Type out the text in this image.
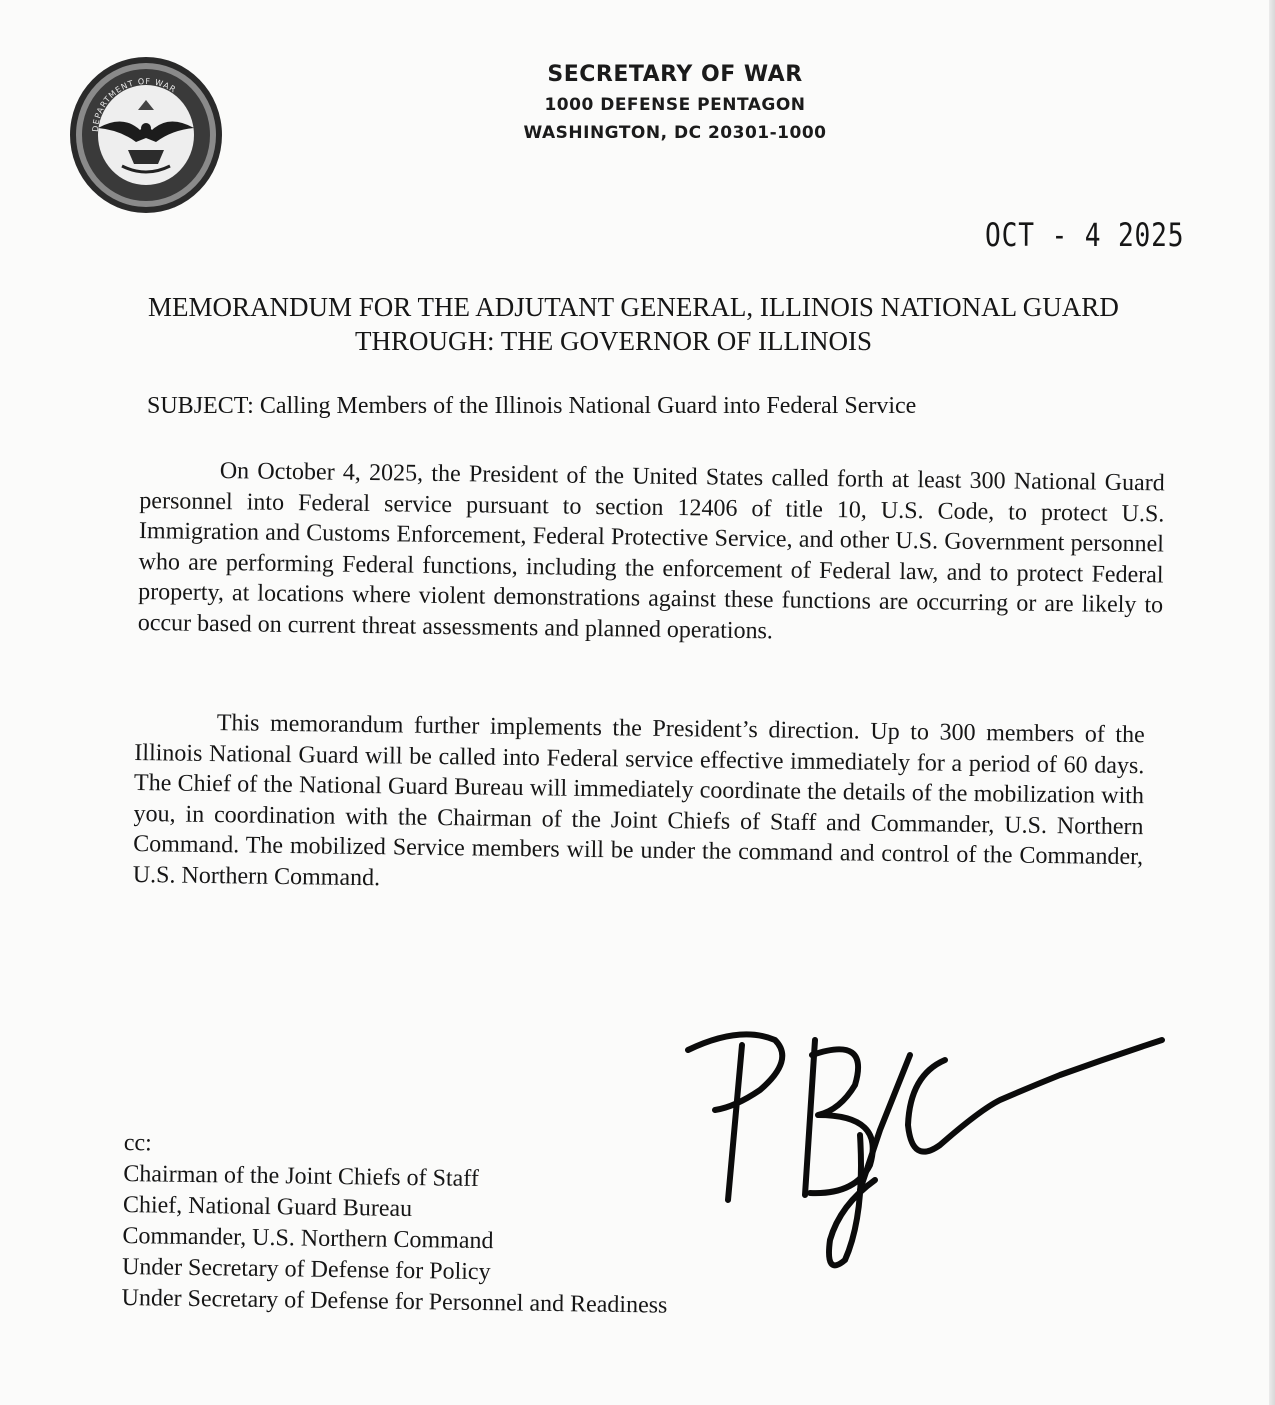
DEPARTMENT OF WAR
SECRETARY OF WAR
1000 DEFENSE PENTAGON
WASHINGTON, DC 20301-1000
OCT - 4 2025
MEMORANDUM FOR THE ADJUTANT GENERAL, ILLINOIS NATIONAL GUARD
THROUGH: THE GOVERNOR OF ILLINOIS
SUBJECT: Calling Members of the Illinois National Guard into Federal Service

On October 4, 2025, the President of the United States called forth at least 300 National Guard personnel into Federal service pursuant to section 12406 of title 10, U.S. Code, to protect U.S. Immigration and Customs Enforcement, Federal Protective Service, and other U.S. Government personnel who are performing Federal functions, including the enforcement of Federal law, and to protect Federal property, at locations where violent demonstrations against these functions are occurring or are likely to occur based on current threat assessments and planned operations.

This memorandum further implements the President’s direction. Up to 300 members of the Illinois National Guard will be called into Federal service effective immediately for a period of 60 days. The Chief of the National Guard Bureau will immediately coordinate the details of the mobilization with you, in coordination with the Chairman of the Joint Chiefs of Staff and Commander, U.S. Northern Command. The mobilized Service members will be under the command and control of the Commander, U.S. Northern Command.

cc:
Chairman of the Joint Chiefs of Staff
Chief, National Guard Bureau
Commander, U.S. Northern Command
Under Secretary of Defense for Policy
Under Secretary of Defense for Personnel and Readiness
